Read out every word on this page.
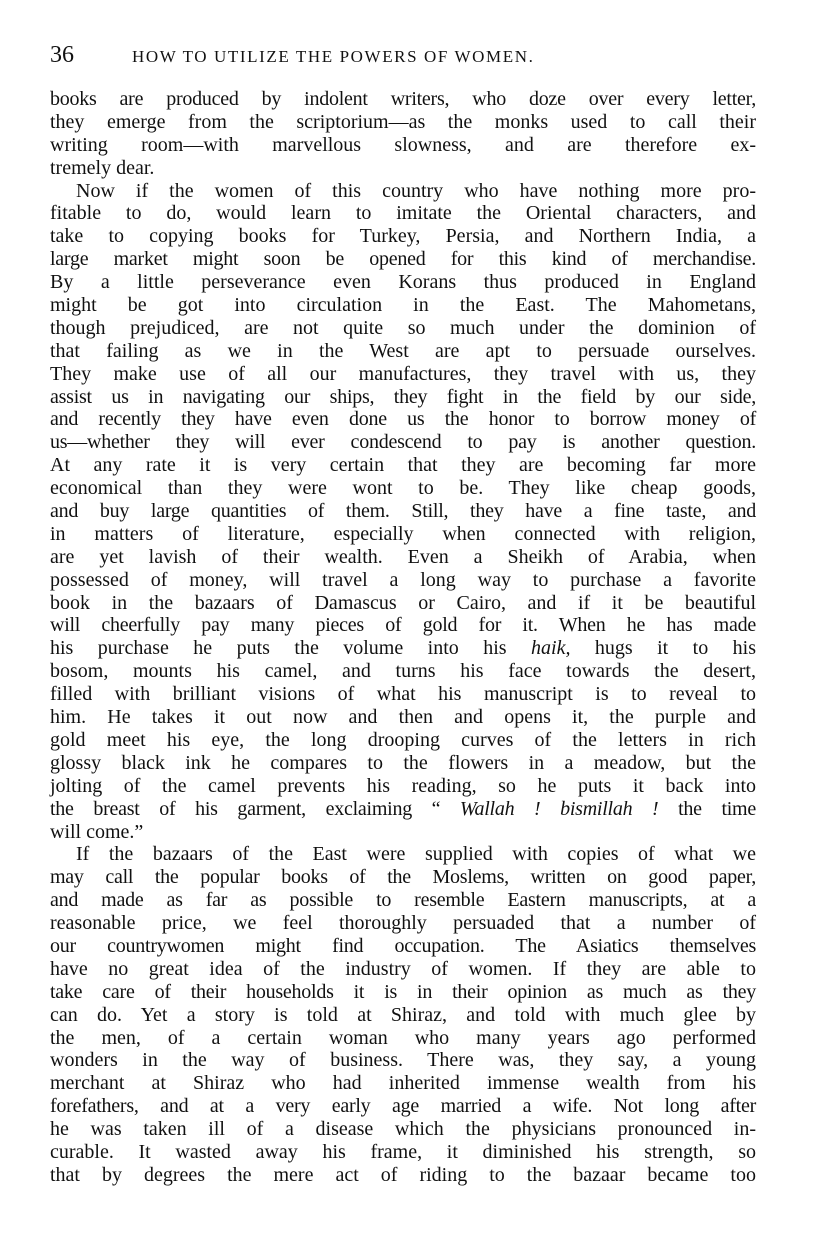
36	HOW TO UTILIZE THE POWERS OF WOMEN.
books are produced by indolent writers, who doze over every letter,
they emerge from the scriptorium—as the monks used to call their
writing room—with marvellous slowness, and are therefore ex-
tremely dear.
Now if the women of this country who have nothing more pro-
fitable to do, would learn to imitate the Oriental characters, and
take to copying books for Turkey, Persia, and Northern India, a
large market might soon be opened for this kind of merchandise.
By a little perseverance even Korans thus produced in England
might be got into circulation in the East. The Mahometans,
though prejudiced, are not quite so much under the dominion of
that failing as we in the West are apt to persuade ourselves.
They make use of all our manufactures, they travel with us, they
assist us in navigating our ships, they fight in the field by our side,
and recently they have even done us the honor to borrow money of
us—whether they will ever condescend to pay is another question.
At any rate it is very certain that they are becoming far more
economical than they were wont to be. They like cheap goods,
and buy large quantities of them. Still, they have a fine taste, and
in matters of literature, especially when connected with religion,
are yet lavish of their wealth. Even a Sheikh of Arabia, when
possessed of money, will travel a long way to purchase a favorite
book in the bazaars of Damascus or Cairo, and if it be beautiful
will cheerfully pay many pieces of gold for it. When he has made
his purchase he puts the volume into his haik, hugs it to his
bosom, mounts his camel, and turns his face towards the desert,
filled with brilliant visions of what his manuscript is to reveal to
him. He takes it out now and then and opens it, the purple and
gold meet his eye, the long drooping curves of the letters in rich
glossy black ink he compares to the flowers in a meadow, but the
jolting of the camel prevents his reading, so he puts it back into
the breast of his garment, exclaiming “ Wallah ! bismillah ! the time
will come.”
If the bazaars of the East were supplied with copies of what we
may call the popular books of the Moslems, written on good paper,
and made as far as possible to resemble Eastern manuscripts, at a
reasonable price, we feel thoroughly persuaded that a number of
our countrywomen might find occupation. The Asiatics themselves
have no great idea of the industry of women. If they are able to
take care of their households it is in their opinion as much as they
can do. Yet a story is told at Shiraz, and told with much glee by
the men, of a certain woman who many years ago performed
wonders in the way of business. There was, they say, a young
merchant at Shiraz who had inherited immense wealth from his
forefathers, and at a very early age married a wife. Not long after
he was taken ill of a disease which the physicians pronounced in-
curable. It wasted away his frame, it diminished his strength, so
that by degrees the mere act of riding to the bazaar became too
